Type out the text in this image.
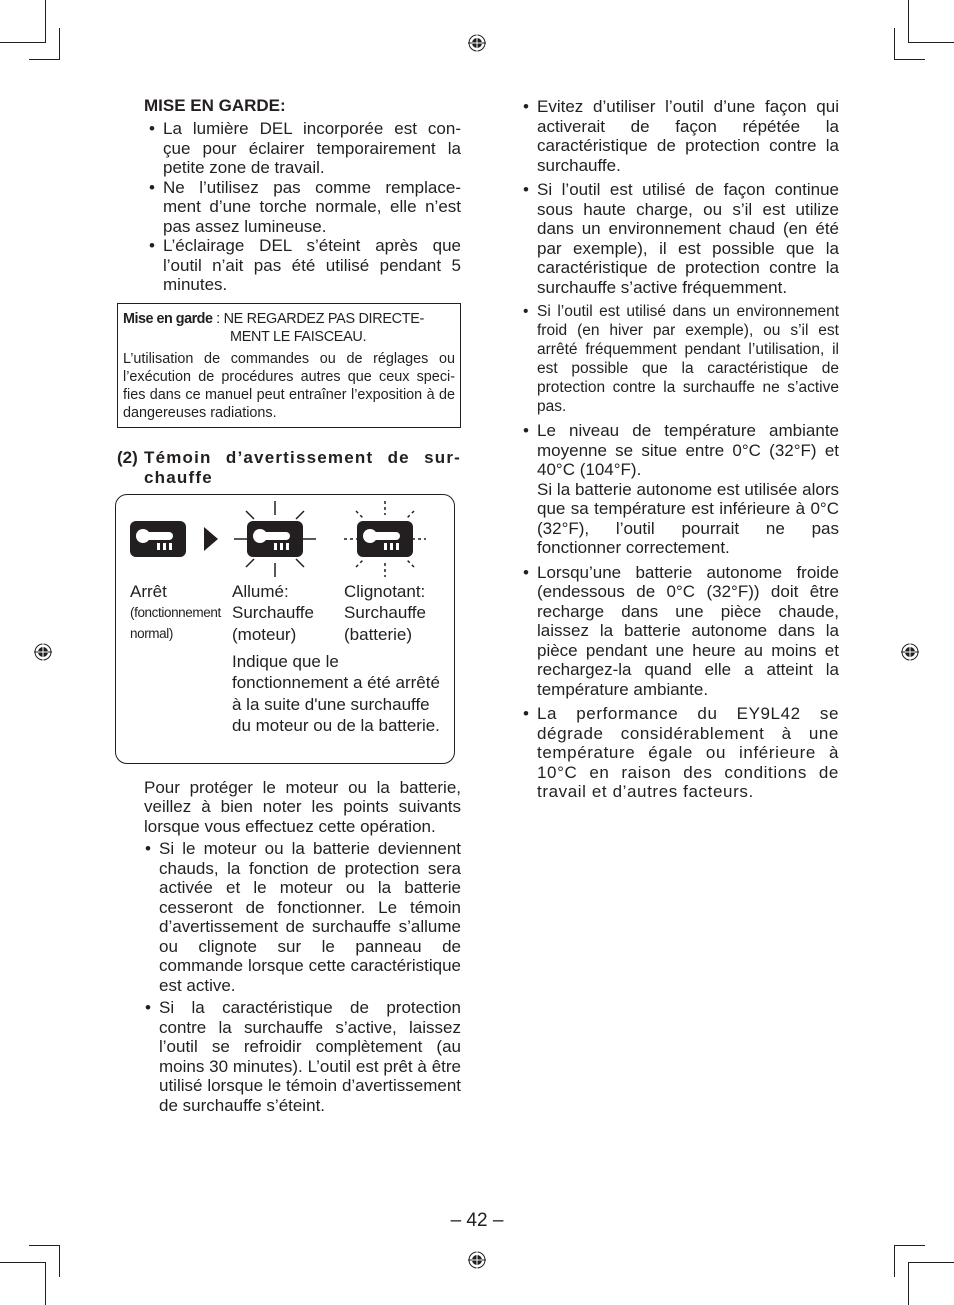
MISE EN GARDE:
• La lumière DEL incorporée est con- çue pour éclairer temporairement la petite zone de travail.
• Ne l’utilisez pas comme remplace- ment d’une torche normale, elle n’est pas assez lumineuse.
• L’éclairage DEL s’éteint après que l’outil n’ait pas été utilisé pendant 5 minutes.
Mise en garde : NE REGARDEZ PAS DIRECTE-
MENT LE FAISCEAU.
L’utilisation de commandes ou de réglages ou l’exécution de procédures autres que ceux speci- fies dans ce manuel peut entraîner l’exposition à de dangereuses radiations.
(2) Témoin d’avertissement de sur- chauffe
Arrêt
(fonctionnement normal)
Allumé:
Surchauffe
(moteur)
Clignotant:
Surchauffe
(batterie)
Indique que le fonctionnement a été arrêté à la suite d'une surchauffe du moteur ou de la batterie.
Pour protéger le moteur ou la batterie, veillez à bien noter les points suivants lorsque vous effectuez cette opération.
• Si le moteur ou la batterie deviennent chauds, la fonction de protection sera activée et le moteur ou la batterie cesseront de fonctionner. Le témoin d’avertissement de surchauffe s’allume ou clignote sur le panneau de commande lorsque cette caractéristique est active.
• Si la caractéristique de protection contre la surchauffe s’active, laissez l’outil se refroidir complètement (au moins 30 minutes). L’outil est prêt à être utilisé lorsque le témoin d’avertissement de surchauffe s’éteint.
• Evitez d’utiliser l’outil d’une façon qui activerait de façon répétée la caractéristique de protection contre la surchauffe.
• Si l’outil est utilisé de façon continue sous haute charge, ou s’il est utilize dans un environnement chaud (en été par exemple), il est possible que la caractéristique de protection contre la surchauffe s’active fréquemment.
• Si l’outil est utilisé dans un environnement froid (en hiver par exemple), ou s’il est arrêté fréquemment pendant l’utilisation, il est possible que la caractéristique de protection contre la surchauffe ne s’active pas.
• Le niveau de température ambiante moyenne se situe entre 0°C (32°F) et 40°C (104°F).
Si la batterie autonome est utilisée alors que sa température est inférieure à 0°C (32°F), l’outil pourrait ne pas fonctionner correctement.
• Lorsqu’une batterie autonome froide (endessous de 0°C (32°F)) doit être recharge dans une pièce chaude, laissez la batterie autonome dans la pièce pendant une heure au moins et rechargez-la quand elle a atteint la température ambiante.
• La performance du EY9L42 se dégrade considérablement à une température égale ou inférieure à 10°C en raison des conditions de travail et d’autres facteurs.
– 42 –
